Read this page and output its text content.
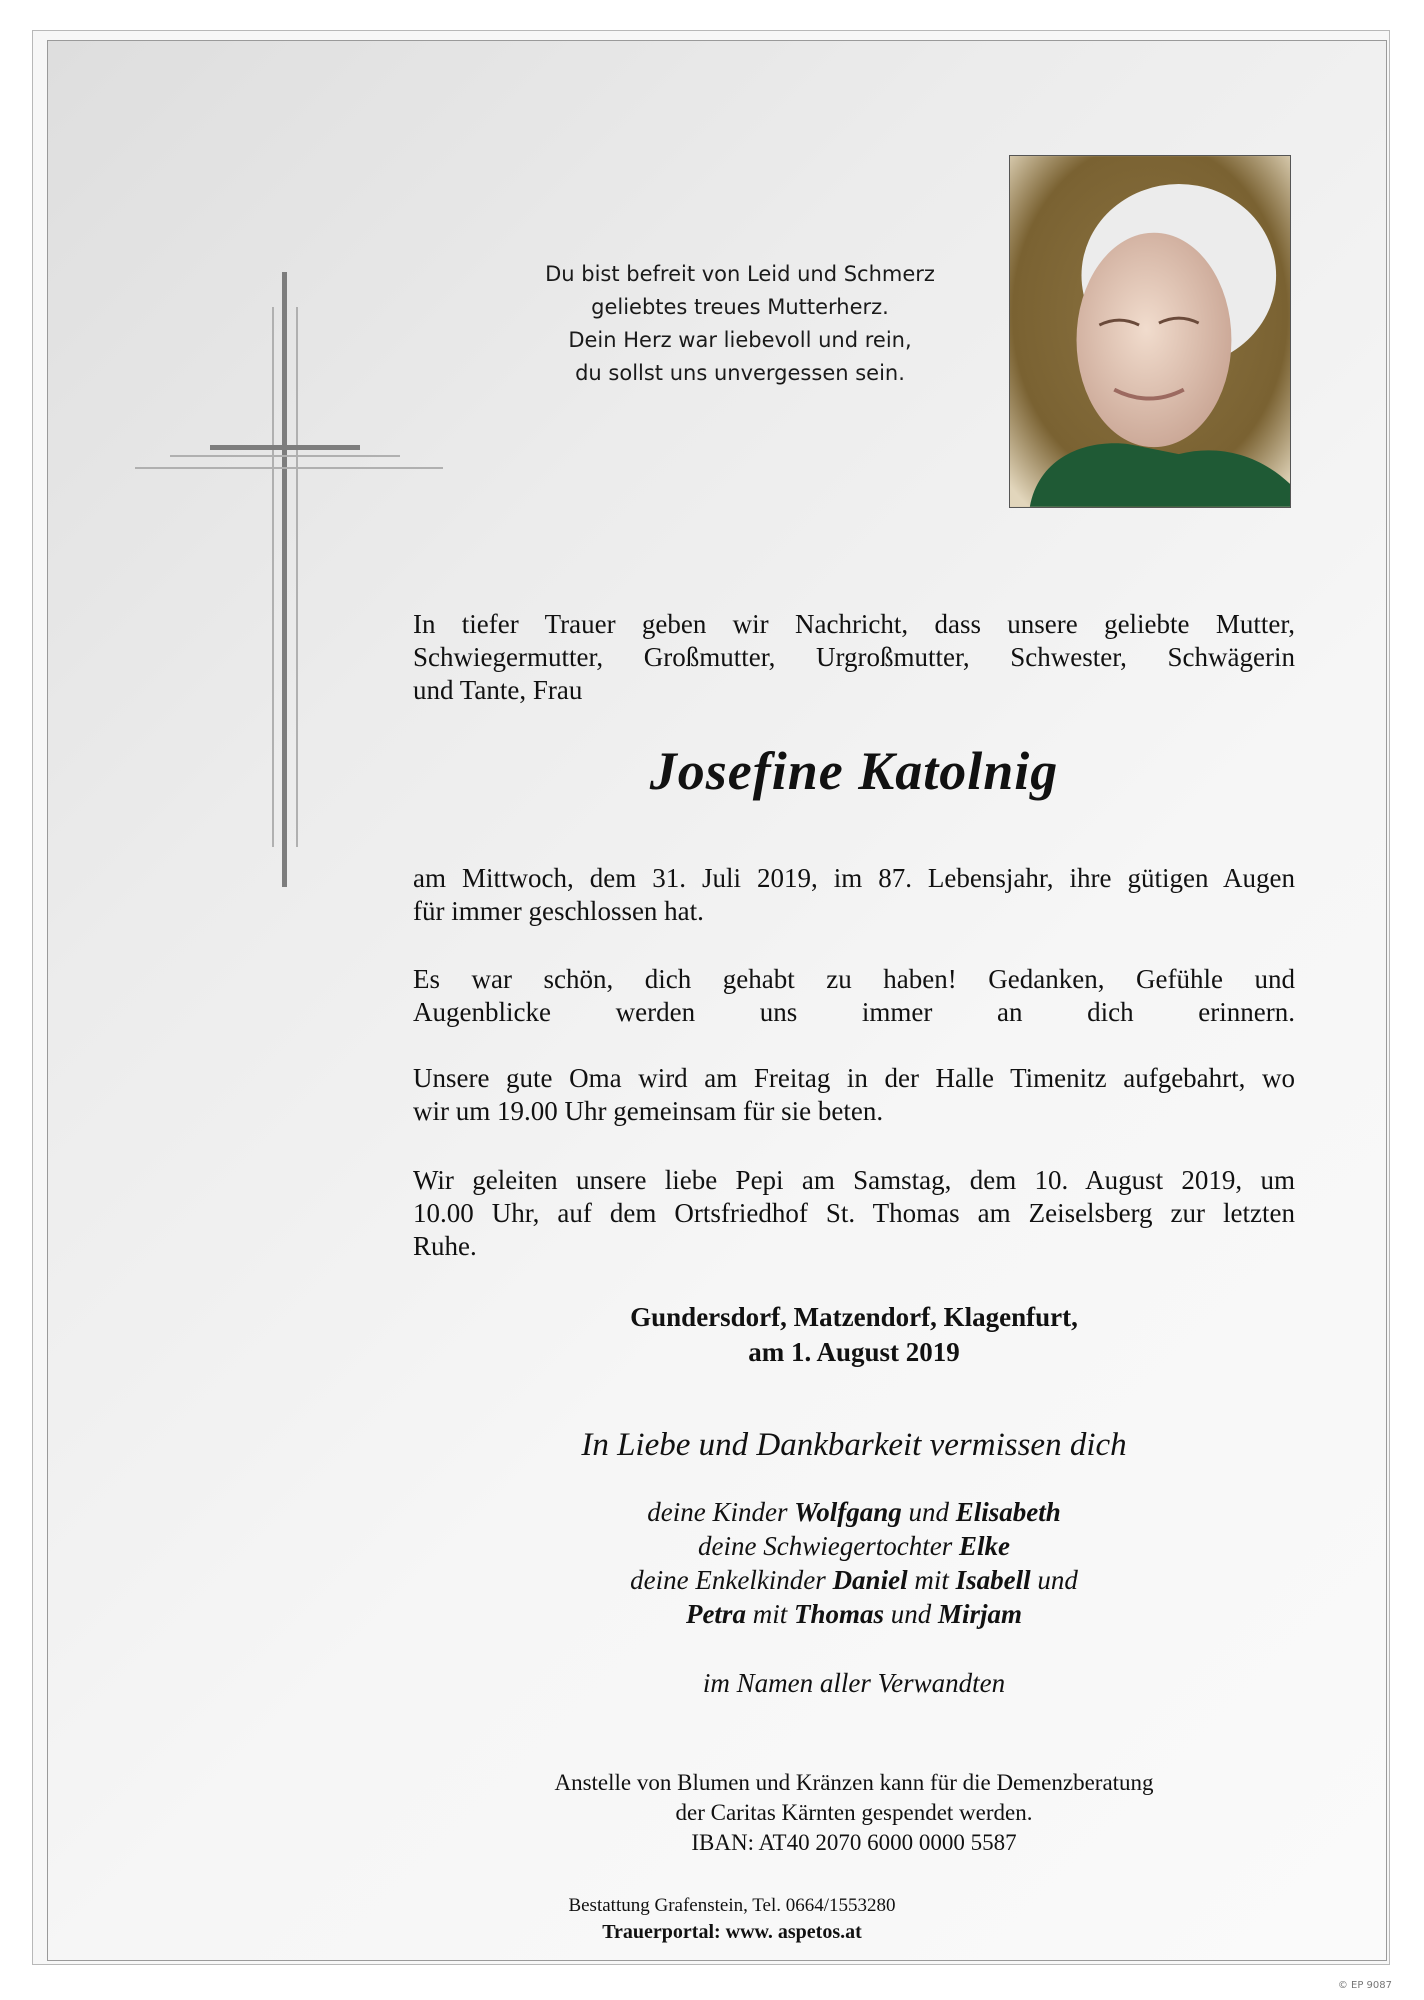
Du bist befreit von Leid und Schmerz
geliebtes treues Mutterherz.
Dein Herz war liebevoll und rein,
du sollst uns unvergessen sein.
In tiefer Trauer geben wir Nachricht, dass unsere geliebte Mutter,
Schwiegermutter, Großmutter, Urgroßmutter, Schwester, Schwägerin
und Tante, Frau
Josefine Katolnig
am Mittwoch, dem 31. Juli 2019, im 87. Lebensjahr, ihre gütigen Augen
für immer geschlossen hat.
Es war schön, dich gehabt zu haben! Gedanken, Gefühle und
Augenblicke werden uns immer an dich erinnern.
Unsere gute Oma wird am Freitag in der Halle Timenitz aufgebahrt, wo
wir um 19.00 Uhr gemeinsam für sie beten.
Wir geleiten unsere liebe Pepi am Samstag, dem 10. August 2019, um
10.00 Uhr, auf dem Ortsfriedhof St. Thomas am Zeiselsberg zur letzten
Ruhe.
Gundersdorf, Matzendorf, Klagenfurt,
am 1. August 2019
In Liebe und Dankbarkeit vermissen dich
deine Kinder Wolfgang und Elisabeth
deine Schwiegertochter Elke
deine Enkelkinder Daniel mit Isabell und
Petra mit Thomas und Mirjam
im Namen aller Verwandten
Anstelle von Blumen und Kränzen kann für die Demenzberatung
der Caritas Kärnten gespendet werden.
IBAN: AT40 2070 6000 0000 5587
Bestattung Grafenstein, Tel. 0664/1553280
Trauerportal: www. aspetos.at
© EP 9087
